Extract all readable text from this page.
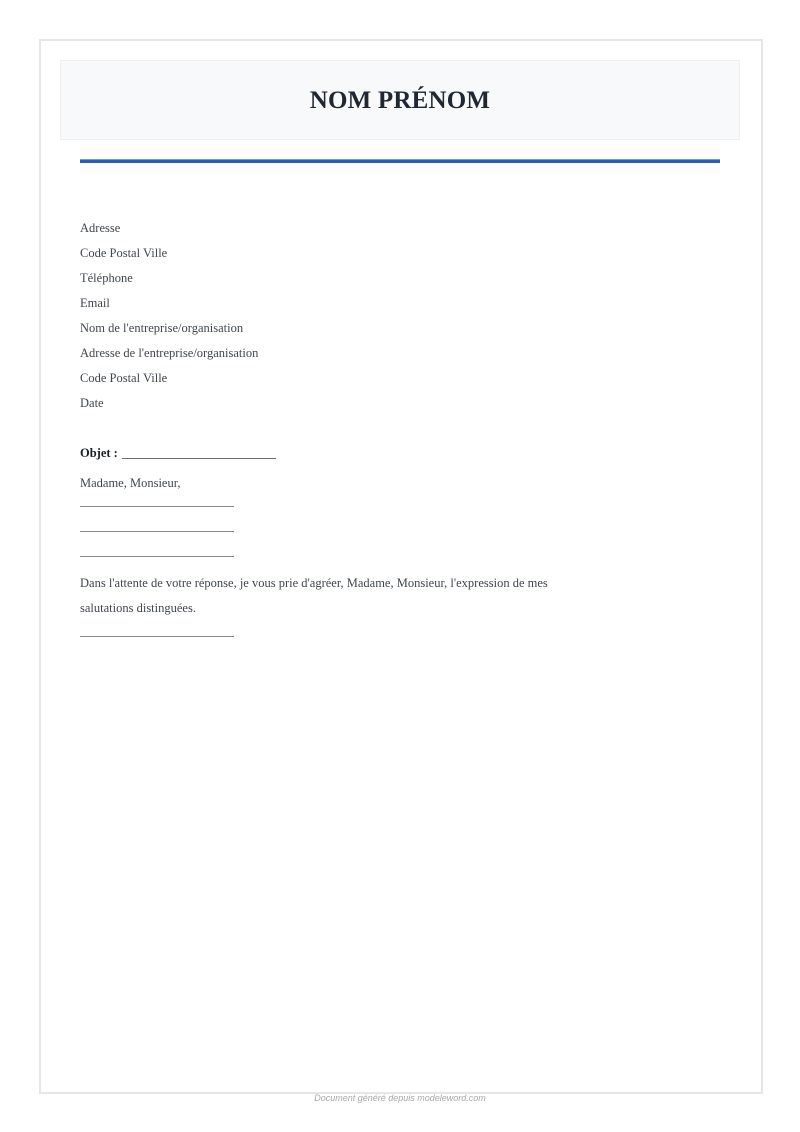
NOM PRÉNOM
Adresse
Code Postal Ville
Téléphone
Email
Nom de l'entreprise/organisation
Adresse de l'entreprise/organisation
Code Postal Ville
Date
Objet :
Madame, Monsieur,
Dans l'attente de votre réponse, je vous prie d'agréer, Madame, Monsieur, l'expression de mes salutations distinguées.
Document généré depuis modeleword.com
